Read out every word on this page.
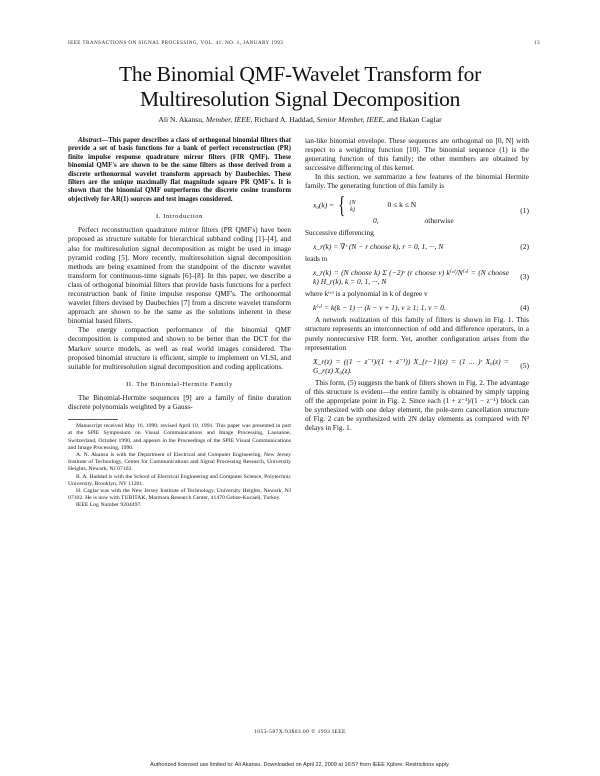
IEEE TRANSACTIONS ON SIGNAL PROCESSING, VOL. 41, NO. 1, JANUARY 1993	13
The Binomial QMF-Wavelet Transform for
Multiresolution Signal Decomposition
Ali N. Akansu, Member, IEEE, Richard A. Haddad, Senior Member, IEEE, and Hakan Caglar

Abstract—This paper describes a class of orthogonal binomial filters that provide a set of basis functions for a bank of perfect reconstruction (PR) finite impulse response quadrature mirror filters (FIR QMF). These binomial QMF's are shown to be the same filters as those derived from a discrete orthonormal wavelet transform approach by Daubechies. These filters are the unique maximally flat magnitude square PR QMF's. It is shown that the binomial QMF outperforms the discrete cosine transform objectively for AR(1) sources and test images considered.

I. Introduction

Perfect reconstruction quadrature mirror filters (PR QMF's) have been proposed as structure suitable for hierarchical subband coding [1]–[4], and also for multiresolution signal decomposition as might be used in image pyramid coding [5]. More recently, multiresolution signal decomposition methods are being examined from the standpoint of the discrete wavelet transform for continuous-time signals [6]–[8]. In this paper, we describe a class of orthogonal binomial filters that provide basis functions for a perfect reconstruction bank of finite impulse response QMF's. The orthonormal wavelet filters devised by Daubechies [7] from a discrete wavelet transform approach are shown to be the same as the solutions inherent in these binomial based filters.

The energy compaction performance of the binomial QMF decomposition is computed and shown to be better than the DCT for the Markov source models, as well as real world images considered. The proposed binomial structure is efficient, simple to implement on VLSI, and suitable for multiresolution signal decomposition and coding applications.

II. The Binomial-Hermite Family

The Binomial-Hermite sequences [9] are a family of finite duration discrete polynomials weighted by a Gauss-

Manuscript received May 16, 1990; revised April 10, 1991. This paper was presented in part at the SPIE Symposium on Visual Communications and Image Processing, Lausanne, Switzerland, October 1990, and appears in the Proceedings of the SPIE Visual Communications and Image Processing, 1990.

A. N. Akansu is with the Department of Electrical and Computer Engineering, New Jersey Institute of Technology, Center for Communications and Signal Processing Research, University Heights, Newark, NJ 07102.

R. A. Haddad is with the School of Electrical Engineering and Computer Science, Polytechnic University, Brooklyn, NY 11201.

H. Caglar was with the New Jersey Institute of Technology, University Heights, Newark, NJ 07102. He is now with TUBITAK, Marmara Research Center, 41470 Gebze-Kocaeli, Turkey.

IEEE Log Number 9204497.

ian-like binomial envelope. These sequences are orthogonal on [0, N] with respect to a weighting function [10]. The binomial sequence (1) is the generating function of this family; the other members are obtained by successive differencing of this kernel.

In this section, we summarize a few features of the binomial Hermite family. The generating function of this family is

x₀(k) = { (N
k)	0 ≤ k ≤ N
0,	otherwise
(1)

Successive differencing

x_r(k) = ∇ʳ (N − r choose k), r = 0, 1, ···, N	(2)

leads to

x_r(k) = (N choose k) Σ (−2)ᵛ (r choose v) k⁽ᵛ⁾/N⁽ᵛ⁾ = (N choose k) H_r(k), k = 0, 1, ···, N
(3)

where k⁽ᵛ⁾ is a polynomial in k of degree v

k⁽ᵛ⁾ = k(k − 1) ··· (k − v + 1), v ≥ 1; 1, v = 0.	(4)

A network realization of this family of filters is shown in Fig. 1. This structure represents an interconnection of odd and difference operators, in a purely nonrecursive FIR form. Yet, another configuration arises from the representation

X_r(z) = ((1 − z⁻¹)/(1 + z⁻¹)) X_{r−1}(z) = (1 ... )ʳ X₀(z) = G_r(z) X₀(z).
(5)

This form, (5) suggests the bank of filters shown in Fig. 2. The advantage of this structure is evident—the entire family is obtained by simply tapping off the appropriate point in Fig. 2. Since each (1 + z⁻¹)/(1 − z⁻¹) block can be synthesized with one delay element, the pole-zero cancellation structure of Fig. 2 can be synthesized with 2N delay elements as compared with N² delays in Fig. 1.

1053-587X/93$03.00 © 1993 IEEE
Authorized licensed use limited to: Ali Akansu. Downloaded on April 22, 2009 at 16:57 from IEEE Xplore. Restrictions apply.
